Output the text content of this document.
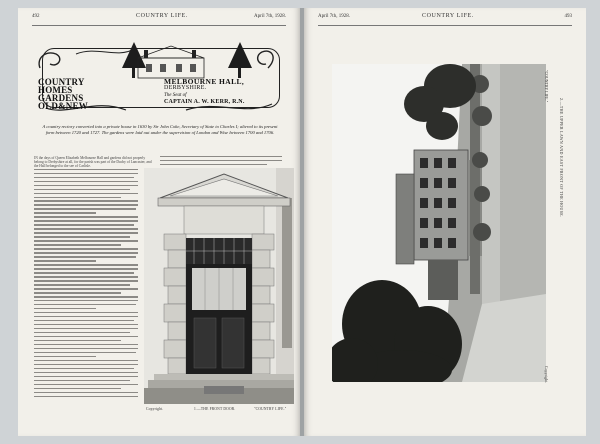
492	COUNTRY LIFE.	April 7th, 1928.
COUNTRY
HOMES
GARDENS
OLD&NEW
MELBOURNE HALL,
DERBYSHIRE.
The Seat of
CAPTAIN A. W. KERR, R.N.
A country rectory converted into a private house in 1630 by Sir John Coke, Secretary of State to Charles I; altered to its present form between 1720 and 1727. The gardens were laid out under the supervision of London and Wise between 1700 and 1706.
IN the days of Queen Elizabeth Melbourne Hall and gardens did not properly belong to Derbyshire at all, for the parish was part of the Duchy of Lancaster, and the Hall belonged to the see of Carlisle.
Copyright.	1.—THE FRONT DOOR.	"COUNTRY LIFE."
April 7th, 1928.	COUNTRY LIFE.	493
2.—THE UPPER LAWN AND EAST FRONT OF THE HOUSE.
"COUNTRY LIFE."
Copyright.
